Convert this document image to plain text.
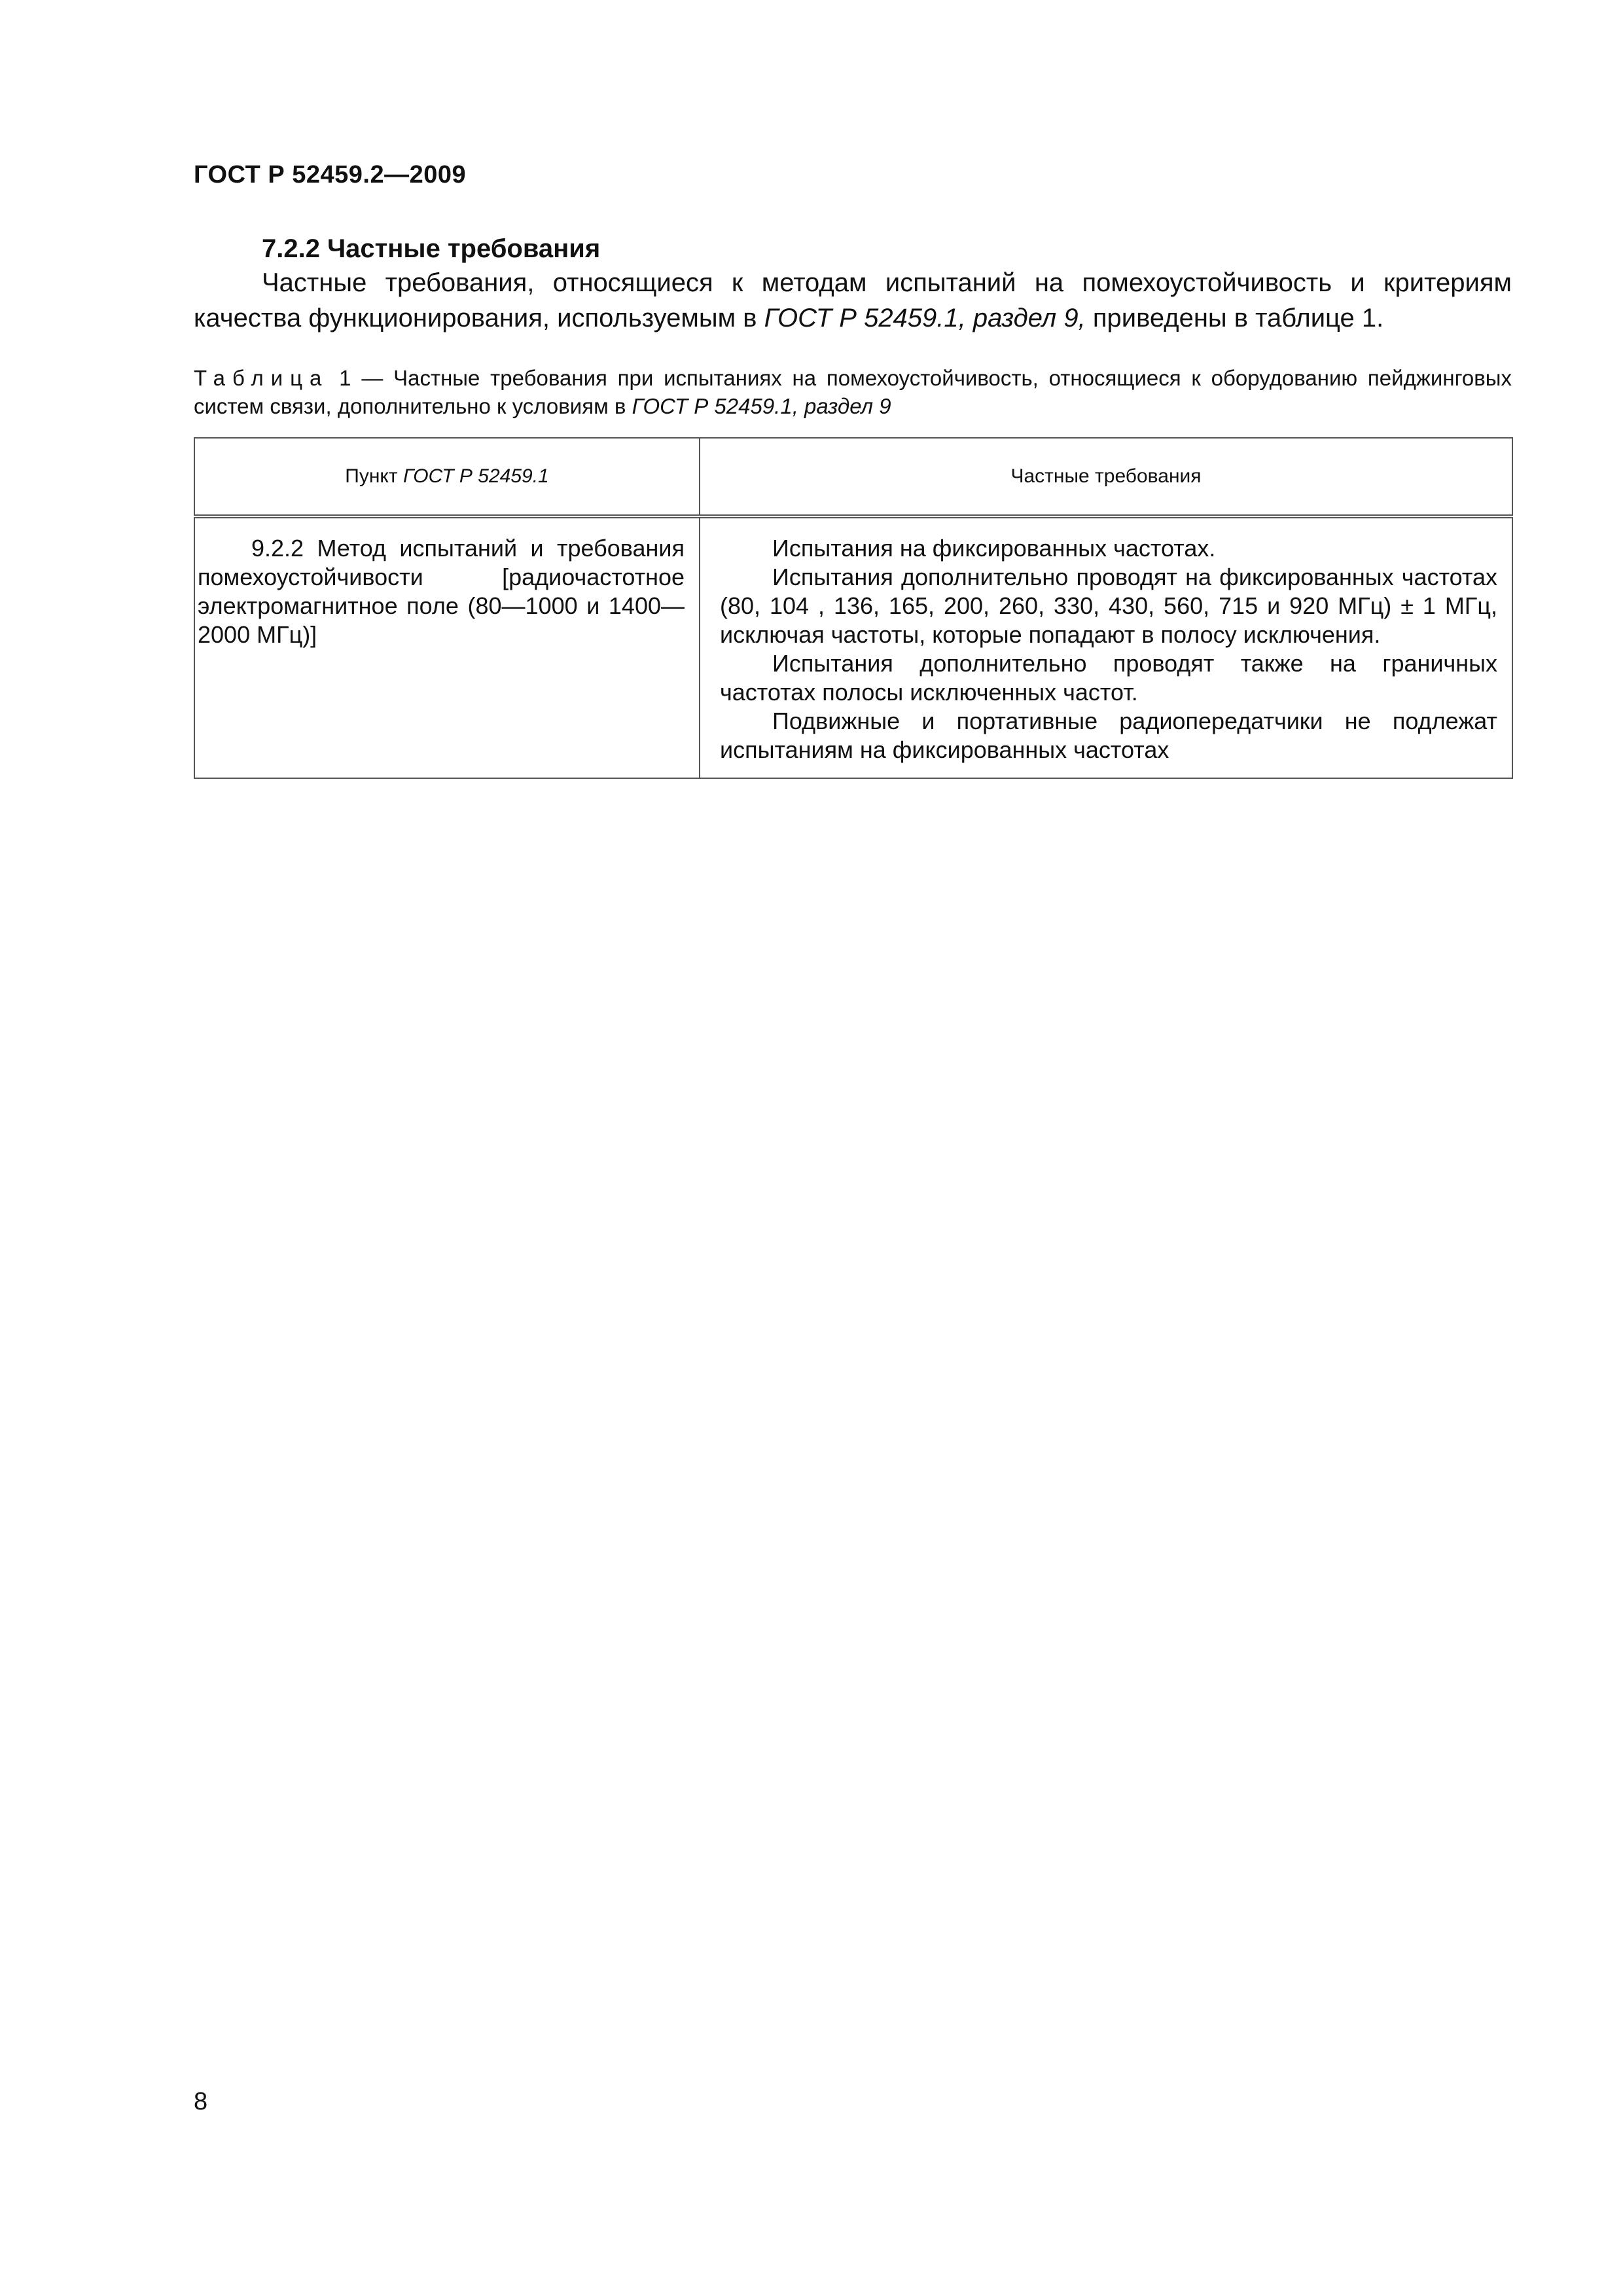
ГОСТ Р 52459.2—2009

7.2.2 Частные требования

Частные требования, относящиеся к методам испытаний на помехоустойчивость и критериям качества функционирования, используемым в ГОСТ Р 52459.1, раздел 9, приведены в таблице 1.

Таблица 1 — Частные требования при испытаниях на помехоустойчивость, относящиеся к оборудованию пейджинговых систем связи, дополнительно к условиям в ГОСТ Р 52459.1, раздел 9

Пункт ГОСТ Р 52459.1	Частные требования

9.2.2 Метод испытаний и требования помехоустойчивости [радиочастотное электромагнитное поле (80—1000 и 1400—2000 МГц)]	Испытания на фиксированных частотах.

Испытания дополнительно проводят на фиксированных частотах (80, 104 , 136, 165, 200, 260, 330, 430, 560, 715 и 920 МГц) ± 1 МГц, исключая частоты, которые попадают в полосу исключения.

Испытания дополнительно проводят также на граничных частотах полосы исключенных частот.

Подвижные и портативные радиопередатчики не подлежат испытаниям на фиксированных частотах

8
